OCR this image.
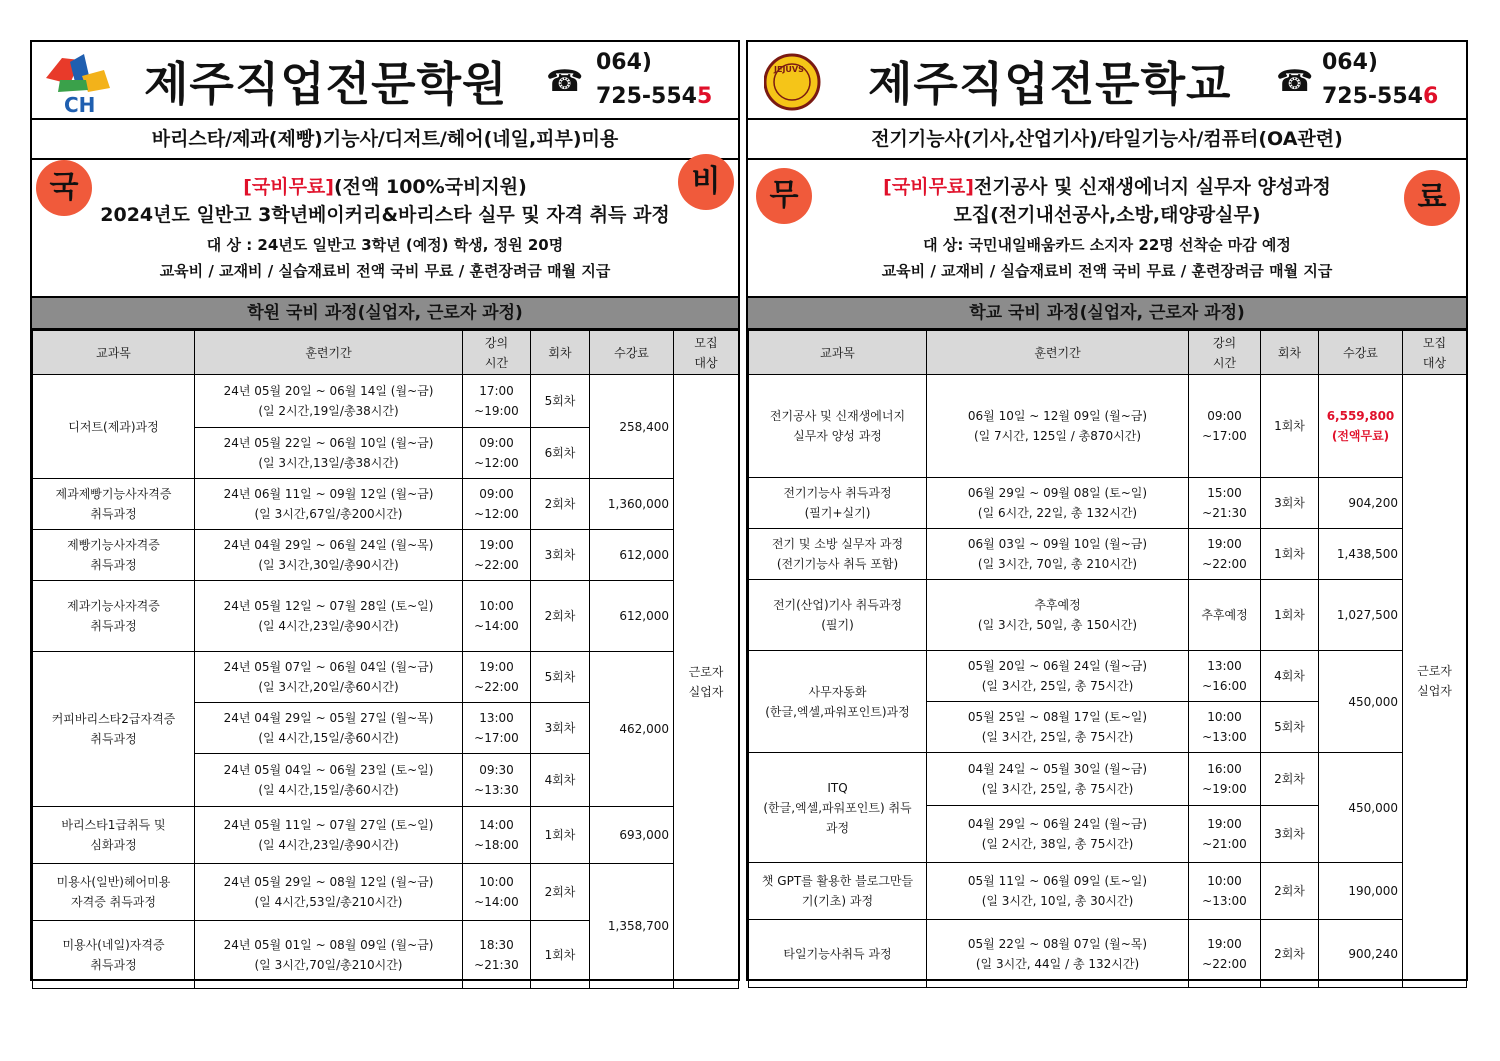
CH 제주직업전문학원 ☎
064)
725-5545
바리스타/제과(제빵)기능사/디저트/헤어(네일,피부)미용
국	비
[국비무료](전액 100%국비지원)
2024년도 일반고 3학년베이커리&바리스타 실무 및 자격 취득 과정
대 상 : 24년도 일반고 3학년 (예정) 학생, 정원 20명
교육비 / 교재비 / 실습재료비 전액 국비 무료 / 훈련장려금 매월 지급
학원 국비 과정(실업자, 근로자 과정)
교과목	훈련기간	강의
시간	회차	수강료	모집
대상
디저트(제과)과정	24년 05월 20일 ~ 06월 14일 (월~금)
(일 2시간,19일/총38시간)	17:00
~19:00	5회차	258,400	근로자
실업자
	24년 05월 22일 ~ 06월 10일 (월~금)
(일 3시간,13일/총38시간)	09:00
~12:00	6회차		
제과제빵기능사자격증
취득과정	24년 06월 11일 ~ 09월 12일 (월~금)
(일 3시간,67일/총200시간)	09:00
~12:00	2회차	1,360,000	
제빵기능사자격증
취득과정	24년 04월 29일 ~ 06월 24일 (월~목)
(일 3시간,30일/총90시간)	19:00
~22:00	3회차	612,000	
제과기능사자격증
취득과정	24년 05월 12일 ~ 07월 28일 (토~일)
(일 4시간,23일/총90시간)	10:00
~14:00	2회차	612,000	
커피바리스타2급자격증
취득과정	24년 05월 07일 ~ 06월 04일 (월~금)
(일 3시간,20일/총60시간)	19:00
~22:00	5회차	462,000	
	24년 04월 29일 ~ 05월 27일 (월~목)
(일 4시간,15일/총60시간)	13:00
~17:00	3회차		
	24년 05월 04일 ~ 06월 23일 (토~일)
(일 4시간,15일/총60시간)	09:30
~13:30	4회차		
바리스타1급취득 및
심화과정	24년 05월 11일 ~ 07월 27일 (토~일)
(일 4시간,23일/총90시간)	14:00
~18:00	1회차	693,000	
미용사(일반)헤어미용
자격증 취득과정	24년 05월 29일 ~ 08월 12일 (월~금)
(일 4시간,53일/총210시간)	10:00
~14:00	2회차	1,358,700	
미용사(네일)자격증
취득과정	24년 05월 01일 ~ 08월 09일 (월~금)
(일 3시간,70일/총210시간)	18:30
~21:30	1회차		
JEJUVS 제주직업전문학교 ☎
064)
725-5546
전기기능사(기사,산업기사)/타일기능사/컴퓨터(OA관련)
무	료
[국비무료]전기공사 및 신재생에너지 실무자 양성과정
모집(전기내선공사,소방,태양광실무)
대 상: 국민내일배움카드 소지자 22명 선착순 마감 예정
교육비 / 교재비 / 실습재료비 전액 국비 무료 / 훈련장려금 매월 지급
학교 국비 과정(실업자, 근로자 과정)
교과목	훈련기간	강의
시간	회차	수강료	모집
대상
전기공사 및 신재생에너지
실무자 양성 과정	06월 10일 ~ 12월 09일 (월~금)
(일 7시간, 125일 / 총870시간)	09:00
~17:00	1회차	6,559,800
(전액무료)	근로자
실업자
전기기능사 취득과정
(필기+실기)	06월 29일 ~ 09월 08일 (토~일)
(일 6시간, 22일, 총 132시간)	15:00
~21:30	3회차	904,200	
전기 및 소방 실무자 과정
(전기기능사 취득 포함)	06월 03일 ~ 09월 10일 (월~금)
(일 3시간, 70일, 총 210시간)	19:00
~22:00	1회차	1,438,500	
전기(산업)기사 취득과정
(필기)	추후예정
(일 3시간, 50일, 총 150시간)	추후예정	1회차	1,027,500	
사무자동화
(한글,엑셀,파워포인트)과정	05월 20일 ~ 06월 24일 (월~금)
(일 3시간, 25일, 총 75시간)	13:00
~16:00	4회차	450,000	
	05월 25일 ~ 08월 17일 (토~일)
(일 3시간, 25일, 총 75시간)	10:00
~13:00	5회차		
ITQ
(한글,엑셀,파워포인트) 취득
과정	04월 24일 ~ 05월 30일 (월~금)
(일 3시간, 25일, 총 75시간)	16:00
~19:00	2회차	450,000	
	04월 29일 ~ 06월 24일 (월~금)
(일 2시간, 38일, 총 75시간)	19:00
~21:00	3회차		
챗 GPT를 활용한 블로그만들
기(기초) 과정	05월 11일 ~ 06월 09일 (토~일)
(일 3시간, 10일, 총 30시간)	10:00
~13:00	2회차	190,000	
타일기능사취득 과정	05월 22일 ~ 08월 07일 (월~목)
(일 3시간, 44일 / 총 132시간)	19:00
~22:00	2회차	900,240	
